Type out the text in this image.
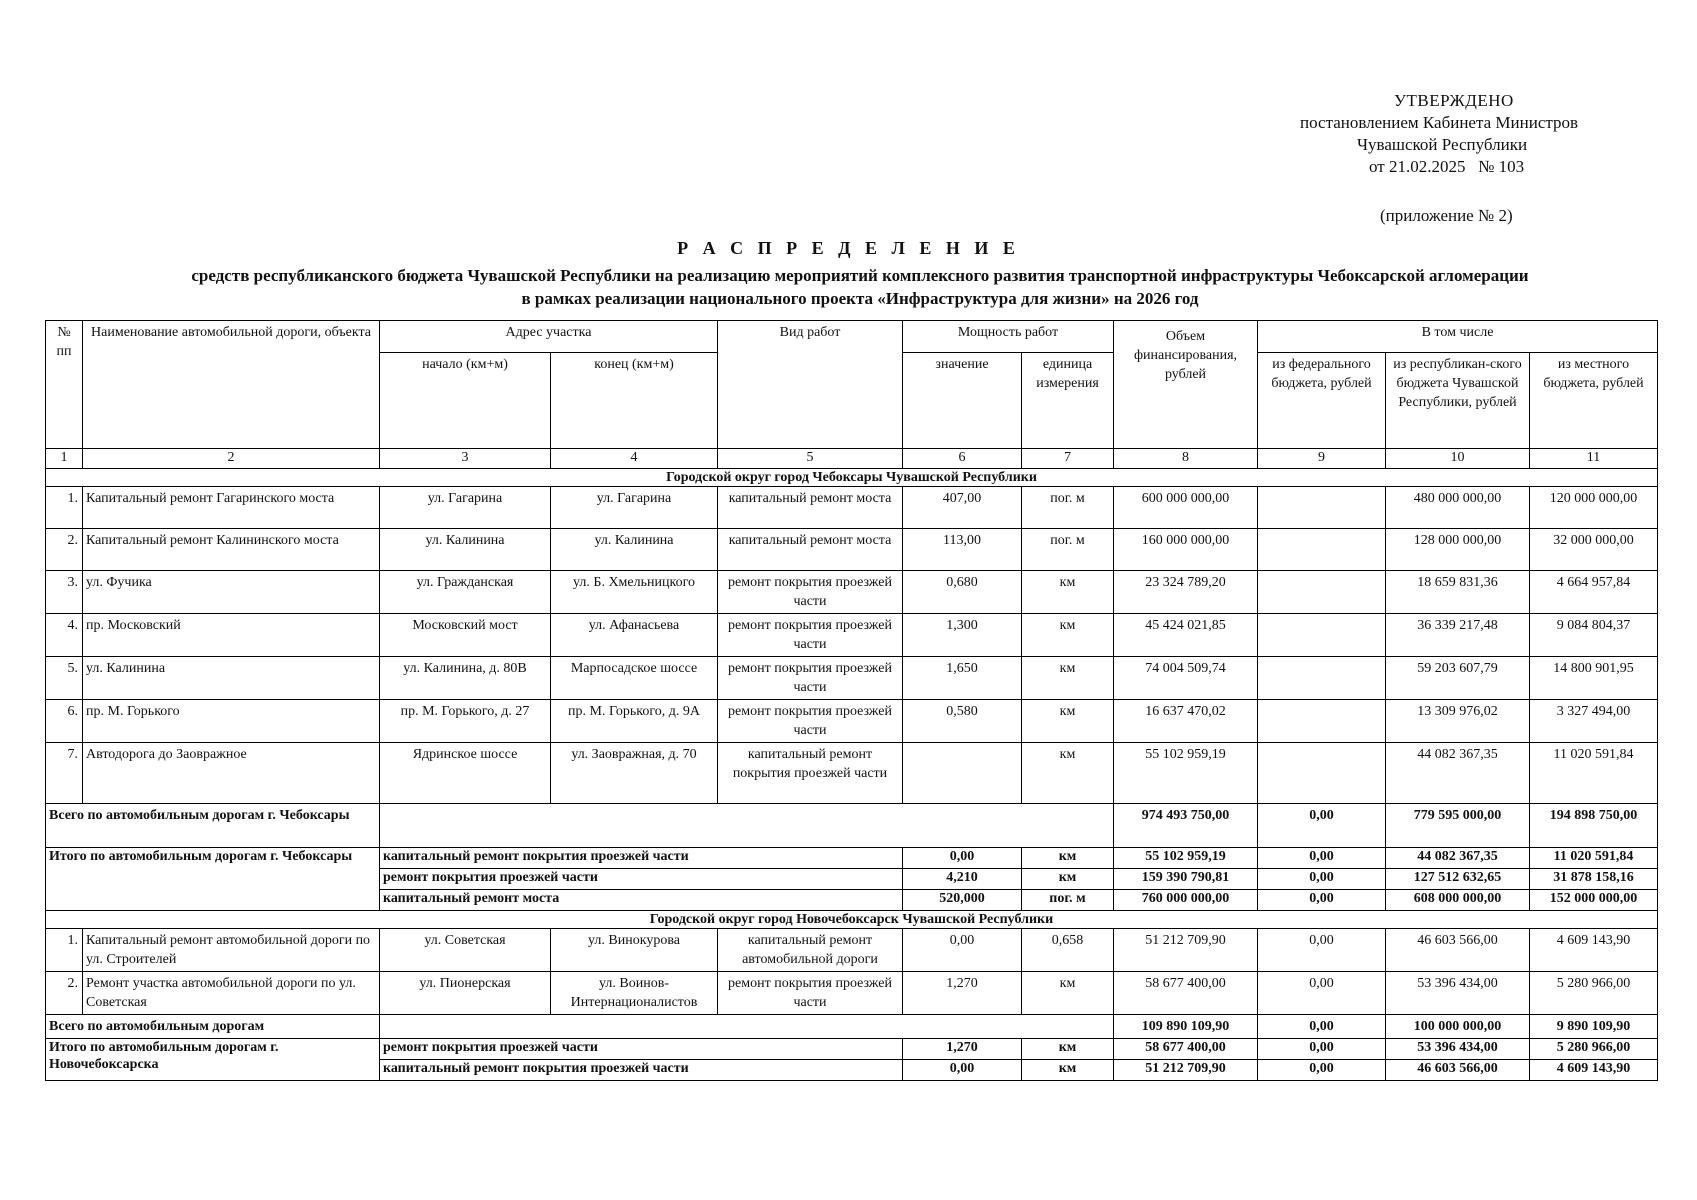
УТВЕРЖДЕНО
постановлением Кабинета Министров
Чувашской Республики
от 21.02.2025   № 103
(приложение № 2)
Р А С П Р Е Д Е Л Е Н И Е
средств республиканского бюджета Чувашской Республики на реализацию мероприятий комплексного развития транспортной инфраструктуры Чебоксарской агломерации
в рамках реализации национального проекта «Инфраструктура для жизни» на 2026 год
№ пп	Наименование автомобильной дороги, объекта	Адрес участка		Вид работ	Мощность работ		Объем финансирования, рублей	В том числе		
		начало (км+м)	конец (км+м)		значение	единица измерения		из федерального бюджета, рублей	из республикан-ского бюджета Чувашской Республики, рублей	из местного бюджета, рублей
1	2	3	4	5	6	7	8	9	10	11
Городской округ город Чебоксары Чувашской Республики										
1.	Капитальный ремонт Гагаринского моста	ул. Гагарина	ул. Гагарина	капитальный ремонт моста	407,00	пог. м	600 000 000,00		480 000 000,00	120 000 000,00
2.	Капитальный ремонт Калининского моста	ул. Калинина	ул. Калинина	капитальный ремонт моста	113,00	пог. м	160 000 000,00		128 000 000,00	32 000 000,00
3.	ул. Фучика	ул. Гражданская	ул. Б. Хмельницкого	ремонт покрытия проезжей части	0,680	км	23 324 789,20		18 659 831,36	4 664 957,84
4.	пр. Московский	Московский мост	ул. Афанасьева	ремонт покрытия проезжей части	1,300	км	45 424 021,85		36 339 217,48	9 084 804,37
5.	ул. Калинина	ул. Калинина, д. 80В	Марпосадское шоссе	ремонт покрытия проезжей части	1,650	км	74 004 509,74		59 203 607,79	14 800 901,95
6.	пр. М. Горького	пр. М. Горького, д. 27	пр. М. Горького, д. 9А	ремонт покрытия проезжей части	0,580	км	16 637 470,02		13 309 976,02	3 327 494,00
7.	Автодорога до Заовражное	Ядринское шоссе	ул. Заовражная, д. 70	капитальный ремонт покрытия проезжей части		км	55 102 959,19		44 082 367,35	11 020 591,84
Всего по автомобильным дорогам г. Чебоксары							974 493 750,00	0,00	779 595 000,00	194 898 750,00
Итого по автомобильным дорогам г. Чебоксары		капитальный ремонт покрытия проезжей части			0,00	км	55 102 959,19	0,00	44 082 367,35	11 020 591,84
		ремонт покрытия проезжей части			4,210	км	159 390 790,81	0,00	127 512 632,65	31 878 158,16
		капитальный ремонт моста			520,000	пог. м	760 000 000,00	0,00	608 000 000,00	152 000 000,00
Городской округ город Новочебоксарск Чувашской Республики										
1.	Капитальный ремонт автомобильной дороги по ул. Строителей	ул. Советская	ул. Винокурова	капитальный ремонт автомобильной дороги	0,00	0,658	51 212 709,90	0,00	46 603 566,00	4 609 143,90
2.	Ремонт участка автомобильной дороги по ул. Советская	ул. Пионерская	ул. Воинов-Интернационалистов	ремонт покрытия проезжей части	1,270	км	58 677 400,00	0,00	53 396 434,00	5 280 966,00
Всего по автомобильным дорогам							109 890 109,90	0,00	100 000 000,00	9 890 109,90
Итого по автомобильным дорогам г. Новочебоксарска		ремонт покрытия проезжей части			1,270	км	58 677 400,00	0,00	53 396 434,00	5 280 966,00
		капитальный ремонт покрытия проезжей части			0,00	км	51 212 709,90	0,00	46 603 566,00	4 609 143,90
